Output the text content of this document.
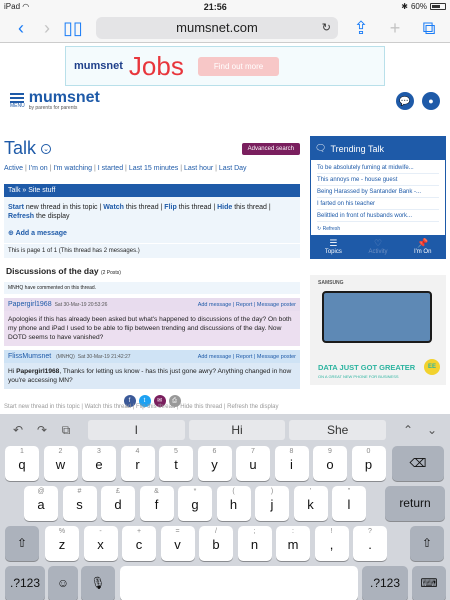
iPad ◠	21:56	✱ 60%
‹	› ▯▯	mumsnet.com	↻	⇪	+	⧉
mumsnet Jobs	Find out more
MENU mumsnet
by parents for parents
💬	●
Talk ⌄	Advanced search
Active | I'm on | I'm watching | I started | Last 15 minutes | Last hour | Last Day
Talk » Site stuff
Start new thread in this topic | Watch this thread | Flip this thread | Hide this thread | Refresh the display
⊕ Add a message
This is page 1 of 1 (This thread has 2 messages.)
Discussions of the day (2 Posts)
MNHQ have commented on this thread.
Papergirl1968 Sat 30-Mar-19 20:53:26	Add message | Report | Message poster
Apologies if this has already been asked but what's happened to discussions of the day? On both my phone and iPad I used to be able to flip between trending and discussions of the day. Now DOTD seems to have vanished?
FlissMumsnet (MNHQ) Sat 30-Mar-19 21:42:27	Add message | Report | Message poster
Hi Papergirl1968, Thanks for letting us know - has this just gone awry? Anything changed in how you're accessing MN?
f	t	✉	⎙
🗨 Trending Talk
To be absolutely fuming at midwife...
This annoys me - house guest
Being Harassed by Santander Bank -...
I farted on his teacher
Belittled in front of husbands work...
↻ Refresh
☰
Topics
♡
Activity
📌
I'm On
SAMSUNG
DATA JUST GOT GREATER
ON A GREAT NEW PHONE FOR BUSINESS
EE
Start new thread in this topic | Watch this thread | Flip this thread | Hide this thread | Refresh the display
↶	↷	⧉	I	Hi	She	⌃	⌄
1
q
2
w
3
e
4
r
5
t
6
y
7
u
8
i
9
o
0
p	⌫
@
a
#
s
£
d
&
f
*
g
(
h
)
j
'
k
"
l	return
⇧
%
z
-
x
+
c
=
v
/
b
;
n
:
m
!
,
?
.	⇧
.?123	☺	🎙	.?123	⌨
